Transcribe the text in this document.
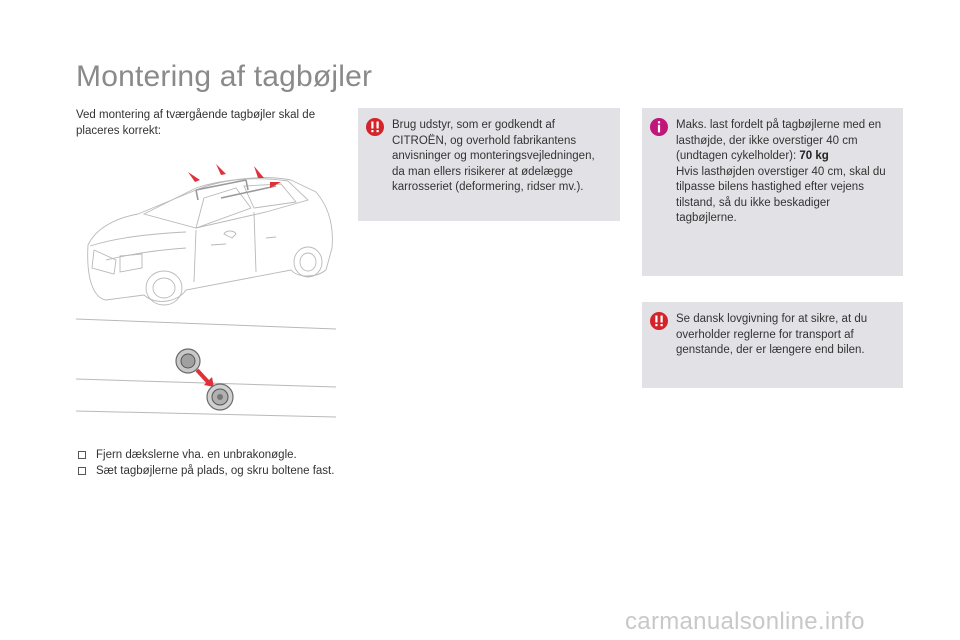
Montering af tagbøjler
Ved montering af tværgående tagbøjler skal de placeres korrekt:
Fjern dækslerne vha. en unbrakonøgle.
Sæt tagbøjlerne på plads, og skru boltene fast.
Brug udstyr, som er godkendt af CITROËN, og overhold fabrikantens anvisninger og monteringsvejledningen, da man ellers risikerer at ødelægge karrosseriet (deformering, ridser mv.).
Maks. last fordelt på tagbøjlerne med en lasthøjde, der ikke overstiger 40 cm (undtagen cykelholder): 70 kg
Hvis lasthøjden overstiger 40 cm, skal du tilpasse bilens hastighed efter vejens tilstand, så du ikke beskadiger tagbøjlerne.
Se dansk lovgivning for at sikre, at du overholder reglerne for transport af genstande, der er længere end bilen.
carmanualsonline.info
